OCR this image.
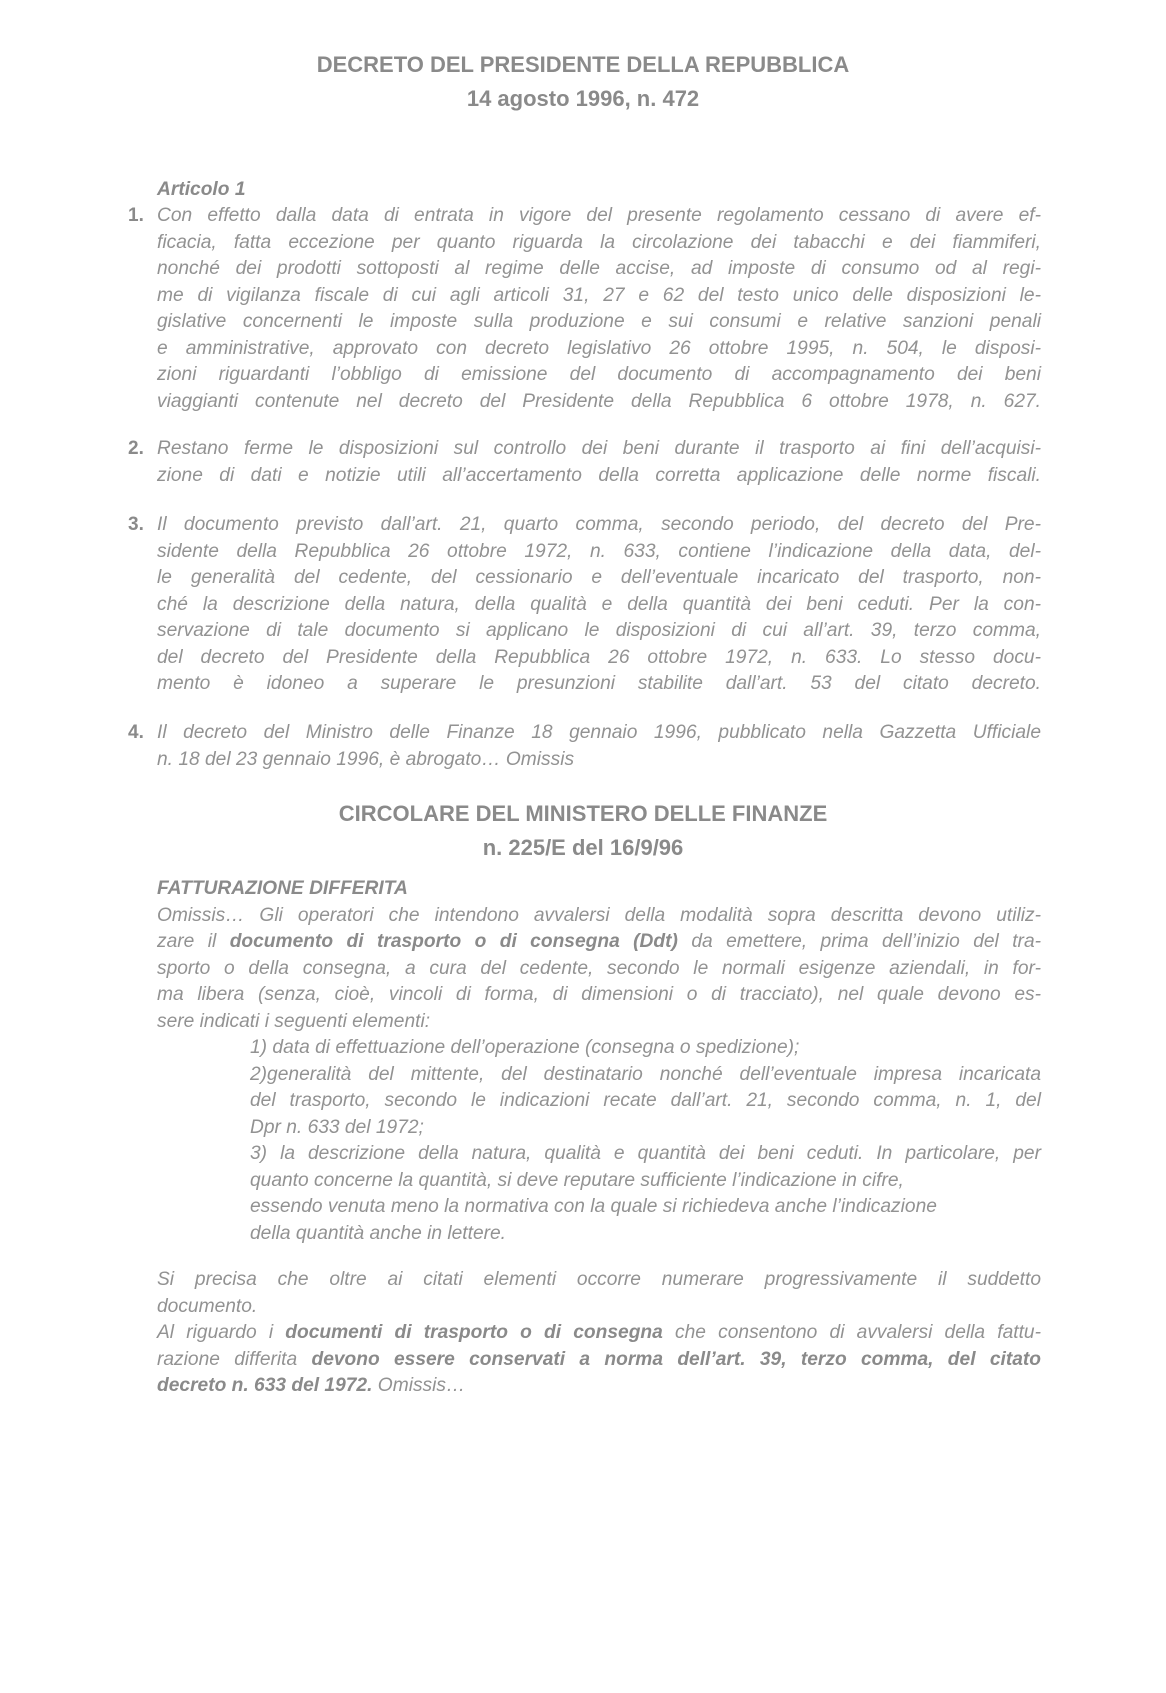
DECRETO DEL PRESIDENTE DELLA REPUBBLICA
14 agosto 1996, n. 472
Articolo 1
1. Con effetto dalla data di entrata in vigore del presente regolamento cessano di avere ef-
ficacia, fatta eccezione per quanto riguarda la circolazione dei tabacchi e dei fiammiferi,
nonché dei prodotti sottoposti al regime delle accise, ad imposte di consumo od al regi-
me di vigilanza fiscale di cui agli articoli 31, 27 e 62 del testo unico delle disposizioni le-
gislative concernenti le imposte sulla produzione e sui consumi e relative sanzioni penali
e amministrative, approvato con decreto legislativo 26 ottobre 1995, n. 504, le disposi-
zioni riguardanti l’obbligo di emissione del documento di accompagnamento dei beni
viaggianti contenute nel decreto del Presidente della Repubblica 6 ottobre 1978, n. 627.
2. Restano ferme le disposizioni sul controllo dei beni durante il trasporto ai fini dell’acquisi-
zione di dati e notizie utili all’accertamento della corretta applicazione delle norme fiscali.
3. Il documento previsto dall’art. 21, quarto comma, secondo periodo, del decreto del Pre-
sidente della Repubblica 26 ottobre 1972, n. 633, contiene l’indicazione della data, del-
le generalità del cedente, del cessionario e dell’eventuale incaricato del trasporto, non-
ché la descrizione della natura, della qualità e della quantità dei beni ceduti. Per la con-
servazione di tale documento si applicano le disposizioni di cui all’art. 39, terzo comma,
del decreto del Presidente della Repubblica 26 ottobre 1972, n. 633. Lo stesso docu-
mento è idoneo a superare le presunzioni stabilite dall’art. 53 del citato decreto.
4. Il decreto del Ministro delle Finanze 18 gennaio 1996, pubblicato nella Gazzetta Ufficiale
n. 18 del 23 gennaio 1996, è abrogato… Omissis
CIRCOLARE DEL MINISTERO DELLE FINANZE
n. 225/E del 16/9/96
FATTURAZIONE DIFFERITA
Omissis… Gli operatori che intendono avvalersi della modalità sopra descritta devono utiliz-
zare il documento di trasporto o di consegna (Ddt) da emettere, prima dell’inizio del tra-
sporto o della consegna, a cura del cedente, secondo le normali esigenze aziendali, in for-
ma libera (senza, cioè, vincoli di forma, di dimensioni o di tracciato), nel quale devono es-
sere indicati i seguenti elementi:
1) data di effettuazione dell’operazione (consegna o spedizione);
2)generalità del mittente, del destinatario nonché dell’eventuale impresa incaricata
del trasporto, secondo le indicazioni recate dall’art. 21, secondo comma, n. 1, del
Dpr n. 633 del 1972;
3) la descrizione della natura, qualità e quantità dei beni ceduti. In particolare, per
quanto concerne la quantità, si deve reputare sufficiente l’indicazione in cifre,
essendo venuta meno la normativa con la quale si richiedeva anche l’indicazione
della quantità anche in lettere.
Si precisa che oltre ai citati elementi occorre numerare progressivamente il suddetto
documento.
Al riguardo i documenti di trasporto o di consegna che consentono di avvalersi della fattu-
razione differita devono essere conservati a norma dell’art. 39, terzo comma, del citato
decreto n. 633 del 1972. Omissis…
